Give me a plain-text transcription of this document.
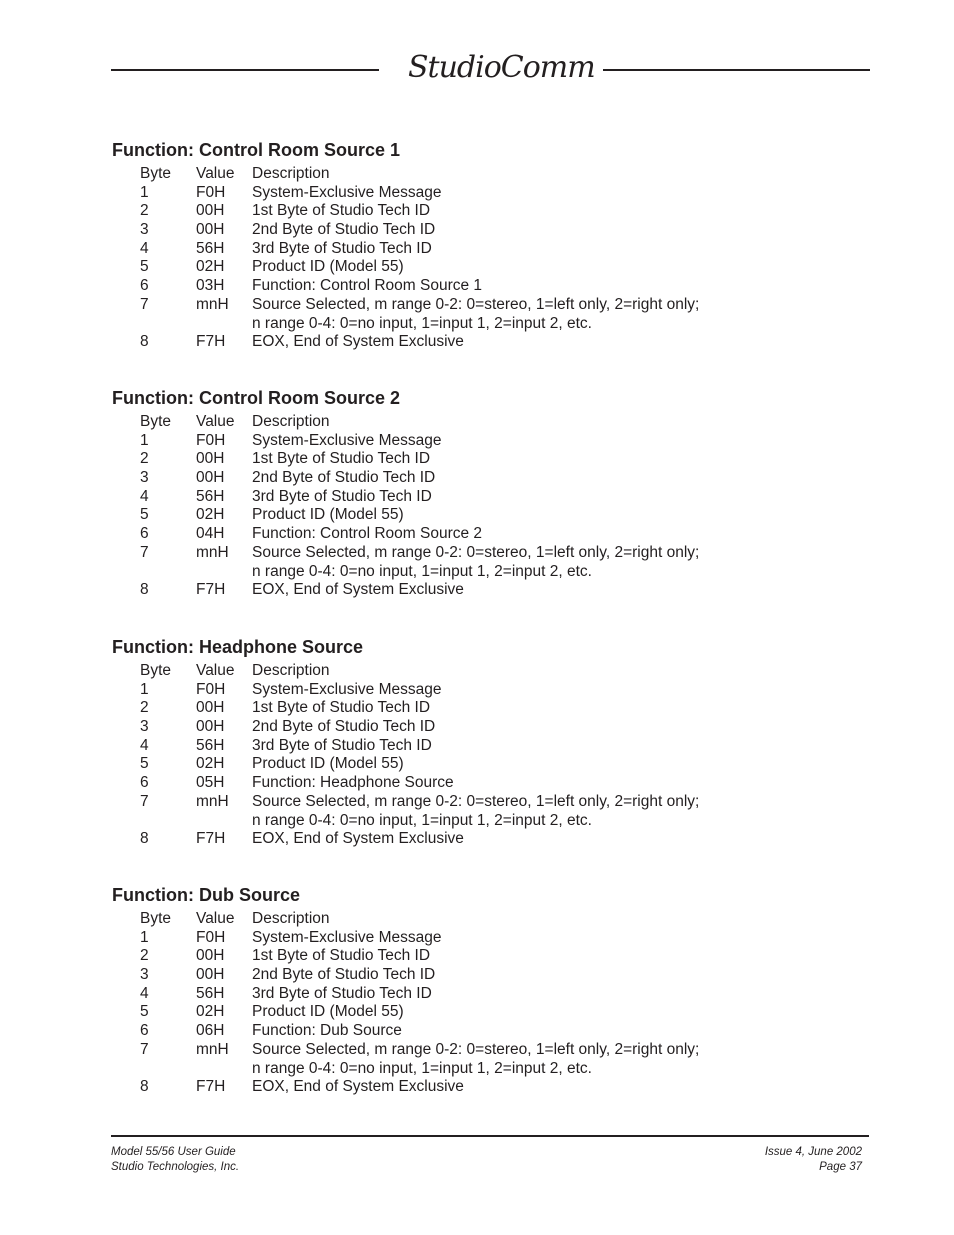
StudioComm
Function: Control Room Source 1
Byte Value Description
1	F0H System-Exclusive Message
2	00H 1st Byte of Studio Tech ID
3	00H 2nd Byte of Studio Tech ID
4	56H 3rd Byte of Studio Tech ID
5	02H Product ID (Model 55)
6	03H Function: Control Room Source 1
7	mnH Source Selected, m range 0-2: 0=stereo, 1=left only, 2=right only;
n range 0-4: 0=no input, 1=input 1, 2=input 2, etc.
8	F7H EOX, End of System Exclusive
Function: Control Room Source 2
Byte Value Description
1	F0H System-Exclusive Message
2	00H 1st Byte of Studio Tech ID
3	00H 2nd Byte of Studio Tech ID
4	56H 3rd Byte of Studio Tech ID
5	02H Product ID (Model 55)
6	04H Function: Control Room Source 2
7	mnH Source Selected, m range 0-2: 0=stereo, 1=left only, 2=right only;
n range 0-4: 0=no input, 1=input 1, 2=input 2, etc.
8	F7H EOX, End of System Exclusive
Function: Headphone Source
Byte Value Description
1	F0H System-Exclusive Message
2	00H 1st Byte of Studio Tech ID
3	00H 2nd Byte of Studio Tech ID
4	56H 3rd Byte of Studio Tech ID
5	02H Product ID (Model 55)
6	05H Function: Headphone Source
7	mnH Source Selected, m range 0-2: 0=stereo, 1=left only, 2=right only;
n range 0-4: 0=no input, 1=input 1, 2=input 2, etc.
8	F7H EOX, End of System Exclusive
Function: Dub Source
Byte Value Description
1	F0H System-Exclusive Message
2	00H 1st Byte of Studio Tech ID
3	00H 2nd Byte of Studio Tech ID
4	56H 3rd Byte of Studio Tech ID
5	02H Product ID (Model 55)
6	06H Function: Dub Source
7	mnH Source Selected, m range 0-2: 0=stereo, 1=left only, 2=right only;
n range 0-4: 0=no input, 1=input 1, 2=input 2, etc.
8	F7H EOX, End of System Exclusive
Model 55/56 User Guide
Studio Technologies, Inc.
Issue 4, June 2002
Page 37
